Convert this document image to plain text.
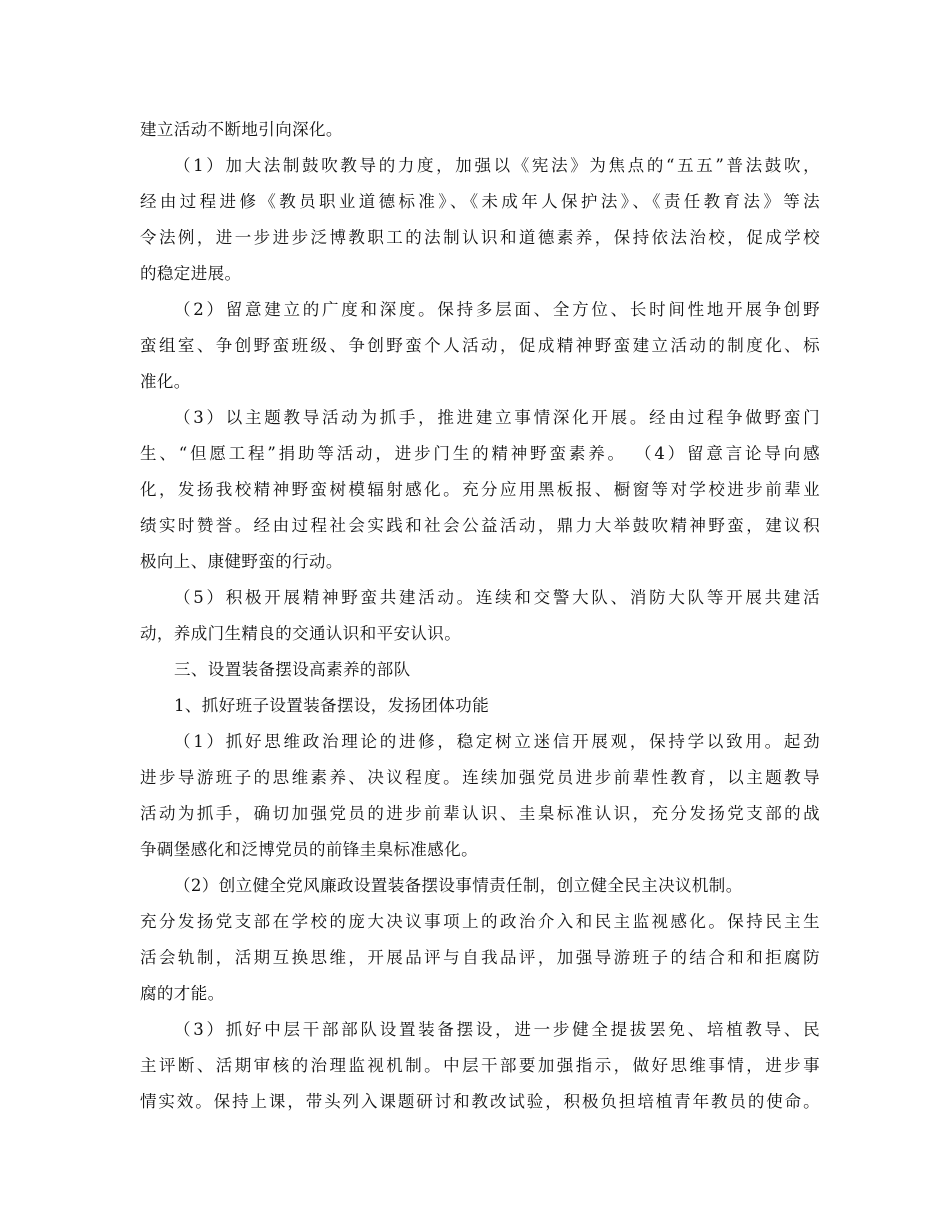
建立活动不断地引向深化。
（1）加大法制鼓吹教导的力度，加强以《宪法》为焦点的“五五”普法鼓吹，
经由过程进修《教员职业道德标准》、《未成年人保护法》、《责任教育法》等法
令法例，进一步进步泛博教职工的法制认识和道德素养，保持依法治校，促成学校
的稳定进展。
（2）留意建立的广度和深度。保持多层面、全方位、长时间性地开展争创野
蛮组室、争创野蛮班级、争创野蛮个人活动，促成精神野蛮建立活动的制度化、标
准化。
（3）以主题教导活动为抓手，推进建立事情深化开展。经由过程争做野蛮门
生、“但愿工程”捐助等活动，进步门生的精神野蛮素养。 （4）留意言论导向感
化，发扬我校精神野蛮树模辐射感化。充分应用黑板报、橱窗等对学校进步前辈业
绩实时赞誉。经由过程社会实践和社会公益活动，鼎力大举鼓吹精神野蛮，建议积
极向上、康健野蛮的行动。
（5）积极开展精神野蛮共建活动。连续和交警大队、消防大队等开展共建活
动，养成门生精良的交通认识和平安认识。
三、设置装备摆设高素养的部队
1、抓好班子设置装备摆设，发扬团体功能
（1）抓好思维政治理论的进修，稳定树立迷信开展观，保持学以致用。起劲
进步导游班子的思维素养、决议程度。连续加强党员进步前辈性教育，以主题教导
活动为抓手，确切加强党员的进步前辈认识、圭臬标准认识，充分发扬党支部的战
争碉堡感化和泛博党员的前锋圭臬标准感化。
（2）创立健全党风廉政设置装备摆设事情责任制，创立健全民主决议机制。
充分发扬党支部在学校的庞大决议事项上的政治介入和民主监视感化。保持民主生
活会轨制，活期互换思维，开展品评与自我品评，加强导游班子的结合和和拒腐防
腐的才能。
（3）抓好中层干部部队设置装备摆设，进一步健全提拔罢免、培植教导、民
主评断、活期审核的治理监视机制。中层干部要加强指示，做好思维事情，进步事
情实效。保持上课，带头列入课题研讨和教改试验，积极负担培植青年教员的使命。
